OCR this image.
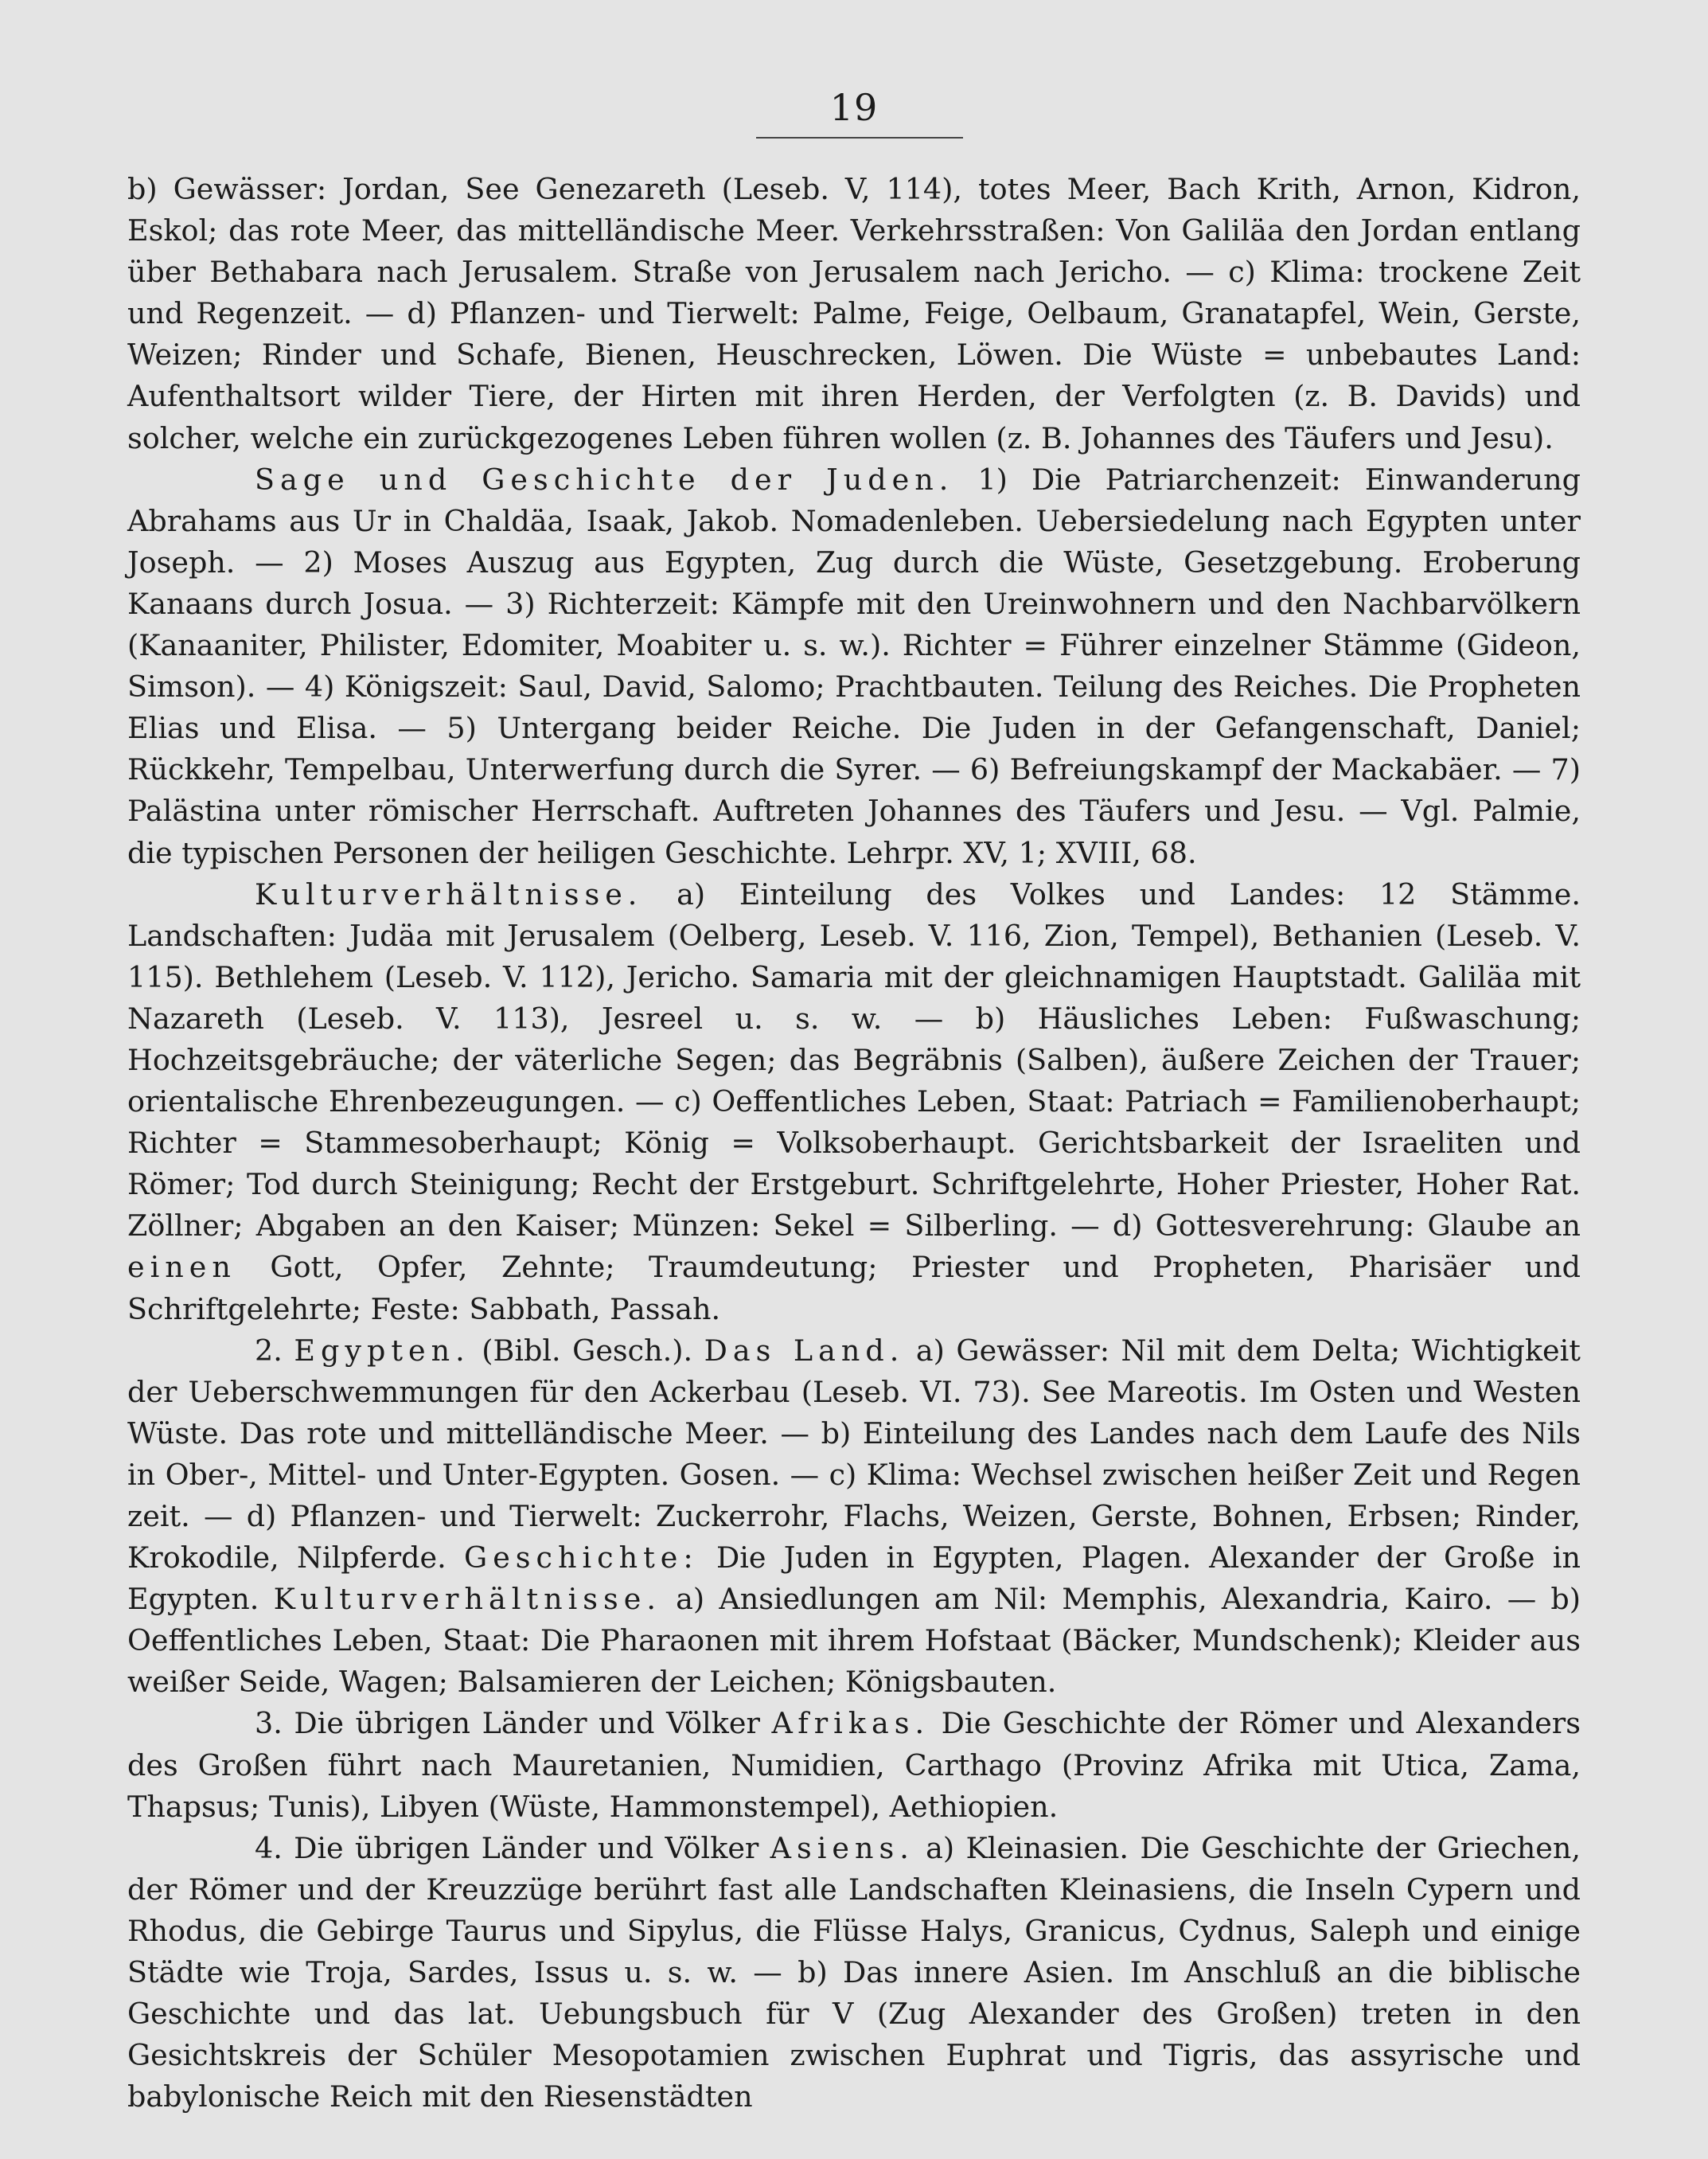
19

b) Gewässer: Jordan, See Genezareth (Leseb. V, 114), totes Meer, Bach Krith, Arnon, Kidron, Eskol; das rote Meer, das mittelländische Meer. Verkehrsstraßen: Von Galiläa den Jordan entlang über Bethabara nach Jerusalem. Straße von Jerusalem nach Jericho. — c) Klima: trockene Zeit und Regenzeit. — d) Pflanzen- und Tierwelt: Palme, Feige, Oelbaum, Granatapfel, Wein, Gerste, Weizen; Rinder und Schafe, Bienen, Heuschrecken, Löwen. Die Wüste = unbebautes Land: Aufenthaltsort wilder Tiere, der Hirten mit ihren Herden, der Verfolgten (z. B. Davids) und solcher, welche ein zurückgezogenes Leben führen wollen (z. B. Johannes des Täufers und Jesu).

Sage und Geschichte der Juden. 1) Die Patriarchenzeit: Einwanderung Abrahams aus Ur in Chaldäa, Isaak, Jakob. Nomadenleben. Uebersiedelung nach Egypten unter Joseph. — 2) Moses Auszug aus Egypten, Zug durch die Wüste, Gesetzgebung. Eroberung Kanaans durch Josua. — 3) Richterzeit: Kämpfe mit den Ureinwohnern und den Nachbarvölkern (Kanaaniter, Philister, Edomiter, Moabiter u. s. w.). Richter = Führer einzelner Stämme (Gideon, Simson). — 4) Königszeit: Saul, David, Salomo; Prachtbauten. Teilung des Reiches. Die Propheten Elias und Elisa. — 5) Untergang beider Reiche. Die Juden in der Gefangenschaft, Daniel; Rückkehr, Tempelbau, Unterwerfung durch die Syrer. — 6) Befreiungskampf der Mackabäer. — 7) Palästina unter römischer Herrschaft. Auftreten Johannes des Täufers und Jesu. — Vgl. Palmie, die typischen Personen der heiligen Geschichte. Lehrpr. XV, 1; XVIII, 68.

Kulturverhältnisse. a) Einteilung des Volkes und Landes: 12 Stämme. Landschaften: Judäa mit Jerusalem (Oelberg, Leseb. V. 116, Zion, Tempel), Bethanien (Leseb. V. 115). Bethlehem (Leseb. V. 112), Jericho. Samaria mit der gleichnamigen Hauptstadt. Galiläa mit Nazareth (Leseb. V. 113), Jesreel u. s. w. — b) Häusliches Leben: Fußwaschung; Hochzeitsgebräuche; der väterliche Segen; das Begräbnis (Salben), äußere Zeichen der Trauer; orientalische Ehrenbezeugungen. — c) Oeffentliches Leben, Staat: Patriach = Familienoberhaupt; Richter = Stammesoberhaupt; König = Volksoberhaupt. Gerichtsbarkeit der Israeliten und Römer; Tod durch Steinigung; Recht der Erstgeburt. Schriftgelehrte, Hoher Priester, Hoher Rat. Zöllner; Abgaben an den Kaiser; Münzen: Sekel = Silberling. — d) Gottesverehrung: Glaube an einen Gott, Opfer, Zehnte; Traumdeutung; Priester und Propheten, Pharisäer und Schriftgelehrte; Feste: Sabbath, Passah.

2. Egypten. (Bibl. Gesch.). Das Land. a) Gewässer: Nil mit dem Delta; Wichtigkeit der Ueberschwemmungen für den Ackerbau (Leseb. VI. 73). See Mareotis. Im Osten und Westen Wüste. Das rote und mittelländische Meer. — b) Einteilung des Landes nach dem Laufe des Nils in Ober-, Mittel- und Unter-Egypten. Gosen. — c) Klima: Wechsel zwischen heißer Zeit und Regen zeit. — d) Pflanzen- und Tierwelt: Zuckerrohr, Flachs, Weizen, Gerste, Bohnen, Erbsen; Rinder, Krokodile, Nilpferde. Geschichte: Die Juden in Egypten, Plagen. Alexander der Große in Egypten. Kulturverhältnisse. a) Ansiedlungen am Nil: Memphis, Alexandria, Kairo. — b) Oeffentliches Leben, Staat: Die Pharaonen mit ihrem Hofstaat (Bäcker, Mundschenk); Kleider aus weißer Seide, Wagen; Balsamieren der Leichen; Königsbauten.

3. Die übrigen Länder und Völker Afrikas. Die Geschichte der Römer und Alexanders des Großen führt nach Mauretanien, Numidien, Carthago (Provinz Afrika mit Utica, Zama, Thapsus; Tunis), Libyen (Wüste, Hammonstempel), Aethiopien.

4. Die übrigen Länder und Völker Asiens. a) Kleinasien. Die Geschichte der Griechen, der Römer und der Kreuzzüge berührt fast alle Landschaften Kleinasiens, die Inseln Cypern und Rhodus, die Gebirge Taurus und Sipylus, die Flüsse Halys, Granicus, Cydnus, Saleph und einige Städte wie Troja, Sardes, Issus u. s. w. — b) Das innere Asien. Im Anschluß an die biblische Geschichte und das lat. Uebungsbuch für V (Zug Alexander des Großen) treten in den Gesichtskreis der Schüler Mesopotamien zwischen Euphrat und Tigris, das assyrische und babylonische Reich mit den Riesenstädten
